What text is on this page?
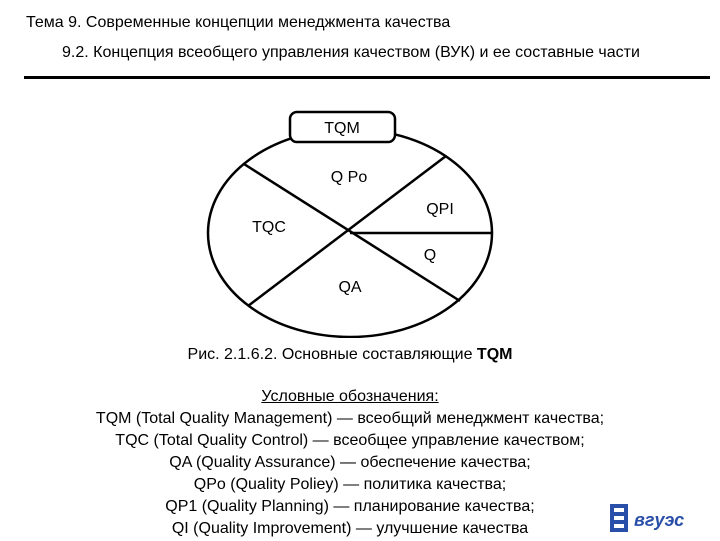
Тема 9. Современные концепции менеджмента качества
9.2. Концепция всеобщего управления качеством (ВУК) и ее составные части
TQM
Q Po
QPI
TQC
Q
QA
Рис. 2.1.6.2. Основные составляющие TQM
Условные обозначения:
TQM (Total Quality Management) — всеобщий менеджмент качества;
TQC (Total Quality Control) — всеобщее управление качеством;
QA (Quality Assurance) — обеспечение качества;
QPo (Quality Poliey) — политика качества;
QP1 (Quality Planning) — планирование качества;
QI (Quality Improvement) — улучшение качества	вгуэс
